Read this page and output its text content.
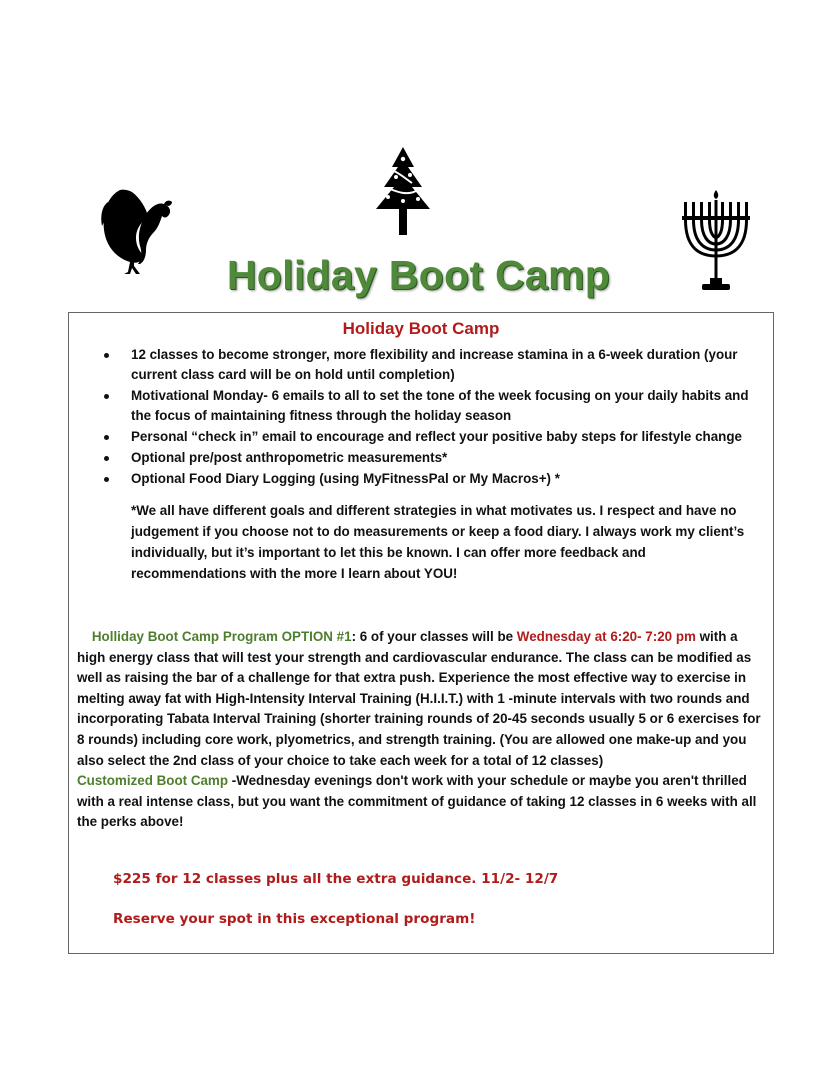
Holiday Boot Camp
Holiday Boot Camp
12 classes to become stronger, more flexibility and increase stamina in a 6-week duration (your current class card will be on hold until completion)
Motivational Monday- 6 emails to all to set the tone of the week focusing on your daily habits and the focus of maintaining fitness through the holiday season
Personal “check in” email to encourage and reflect your positive baby steps for lifestyle change
Optional pre/post anthropometric measurements*
Optional Food Diary Logging (using MyFitnessPal or My Macros+) *
*We all have different goals and different strategies in what motivates us. I respect and have no judgement if you choose not to do measurements or keep a food diary. I always work my client’s individually, but it’s important to let this be known. I can offer more feedback and recommendations with the more I learn about YOU!
Holliday Boot Camp Program OPTION #1: 6 of your classes will be Wednesday at 6:20- 7:20 pm with a high energy class that will test your strength and cardiovascular endurance. The class can be modified as well as raising the bar of a challenge for that extra push. Experience the most effective way to exercise in melting away fat with High-Intensity Interval Training (H.I.I.T.) with 1 -minute intervals with two rounds and incorporating Tabata Interval Training (shorter training rounds of 20-45 seconds usually 5 or 6 exercises for 8 rounds) including core work, plyometrics, and strength training. (You are allowed one make-up and you also select the 2nd class of your choice to take each week for a total of 12 classes)
Customized Boot Camp -Wednesday evenings don't work with your schedule or maybe you aren't thrilled with a real intense class, but you want the commitment of guidance of taking 12 classes in 6 weeks with all the perks above!
$225 for 12 classes plus all the extra guidance. 11/2- 12/7
Reserve your spot in this exceptional program!
